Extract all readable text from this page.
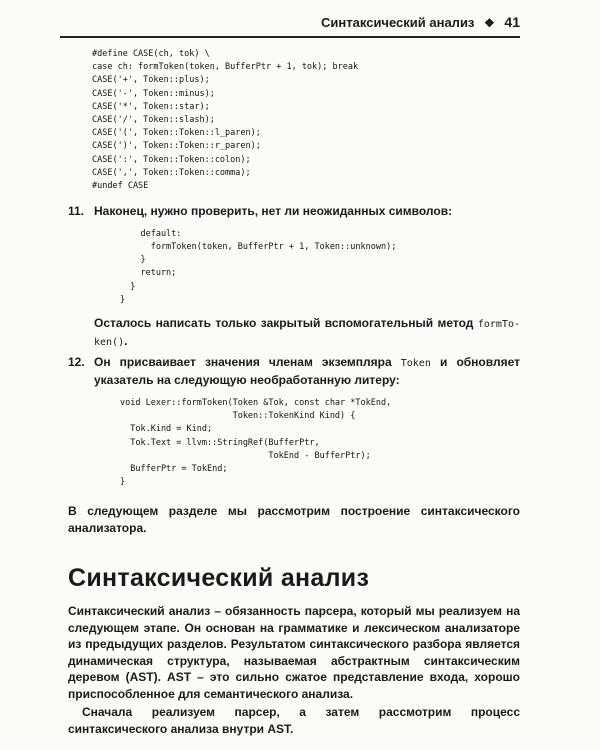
Синтаксический анализ ❖ 41
#define CASE(ch, tok) \
case ch: formToken(token, BufferPtr + 1, tok); break
CASE('+', Token::plus);
CASE('-', Token::minus);
CASE('*', Token::star);
CASE('/', Token::slash);
CASE('(', Token::Token::l_paren);
CASE(')', Token::Token::r_paren);
CASE(':', Token::Token::colon);
CASE(',', Token::Token::comma);
#undef CASE
11. Наконец, нужно проверить, нет ли неожиданных символов:

default:
formToken(token, BufferPtr + 1, Token::unknown);
}
return;
}
}

Осталось написать только закрытый вспомогательный метод formTo-ken().

12. Он присваивает значения членам экземпляра Token и обновляет указатель на следующую необработанную литеру:

void Lexer::formToken(Token &Tok, const char *TokEnd,
Token::TokenKind Kind) {
Tok.Kind = Kind;
Tok.Text = llvm::StringRef(BufferPtr,
TokEnd - BufferPtr);
BufferPtr = TokEnd;
}

В следующем разделе мы рассмотрим построение синтаксического анализатора.

Синтаксический анализ

Синтаксический анализ – обязанность парсера, который мы реализуем на следующем этапе. Он основан на грамматике и лексическом анализаторе из предыдущих разделов. Результатом синтаксического разбора является динамическая структура, называемая абстрактным синтаксическим деревом (AST). AST – это сильно сжатое представление входа, хорошо приспособленное для семантического анализа.

Сначала реализуем парсер, а затем рассмотрим процесс синтаксического анализа внутри AST.
